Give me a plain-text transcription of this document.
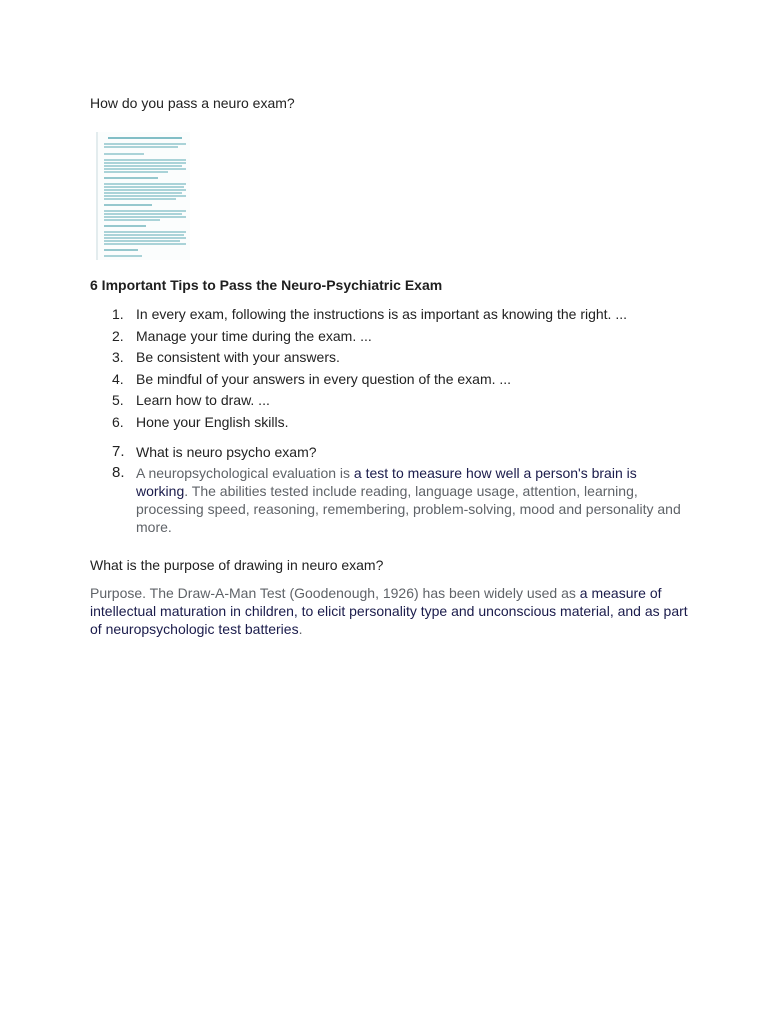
How do you pass a neuro exam?
6 Important Tips to Pass the Neuro-Psychiatric Exam
1. In every exam, following the instructions is as important as knowing the right. ...
2. Manage your time during the exam. ...
3. Be consistent with your answers.
4. Be mindful of your answers in every question of the exam. ...
5. Learn how to draw. ...
6. Hone your English skills.
7. What is neuro psycho exam?
8. A neuropsychological evaluation is a test to measure how well a person's brain is working. The abilities tested include reading, language usage, attention, learning, processing speed, reasoning, remembering, problem-solving, mood and personality and more.
What is the purpose of drawing in neuro exam?
Purpose. The Draw-A-Man Test (Goodenough, 1926) has been widely used as a measure of intellectual maturation in children, to elicit personality type and unconscious material, and as part of neuropsychologic test batteries.
